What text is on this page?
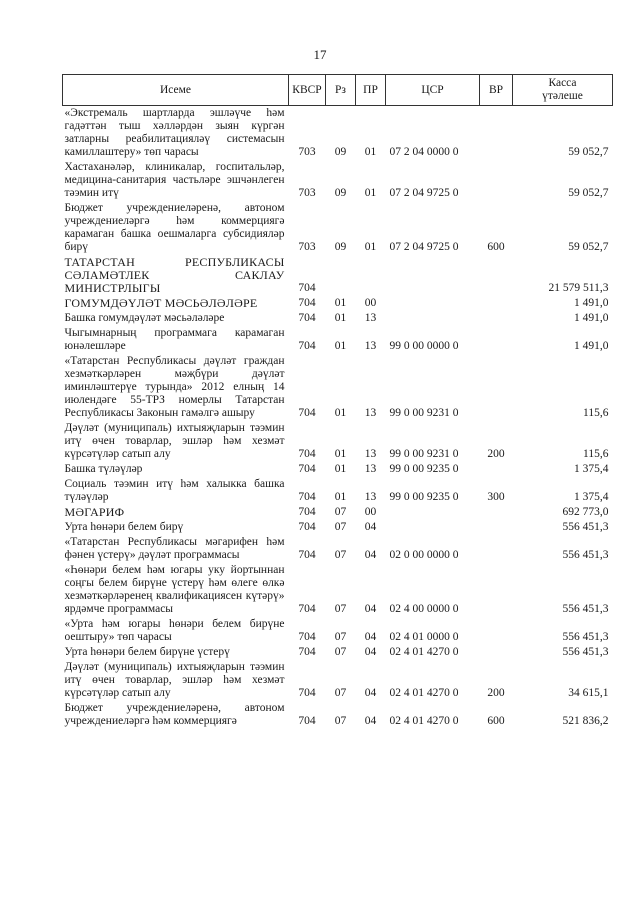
17
Исеме	КВСР	Рз	ПР	ЦСР	ВР	Касса
үтәлеше

«Экстремаль шартларда эшләүче һәм гадәттән тыш хәлләрдән зыян күргән затларны реабилитацияләү системасын камиллаштеру» төп чарасы	703	09	01	07 2 04 0000 0		59 052,7
Хастаханәләр, клиникалар, госпитальләр, медицина-санитария частьләре эшчәнлеген тәэмин итү	703	09	01	07 2 04 9725 0		59 052,7
Бюджет учреждениеләренә, автоном учреждениеләргә һәм коммерциягә карамаган башка оешмаларга субсидияләр бирү	703	09	01	07 2 04 9725 0	600	59 052,7
ТАТАРСТАН РЕСПУБЛИКАСЫ СӘЛАМӘТЛЕК САКЛАУ МИНИСТРЛЫГЫ	704					21 579 511,3
ГОМУМДӘҮЛӘТ МӘСЬӘЛӘЛӘРЕ	704	01	00			1 491,0
Башка гомумдәүләт мәсьәләләре	704	01	13			1 491,0
Чыгымнарның программага карамаган юнәлешләре	704	01	13	99 0 00 0000 0		1 491,0
«Татарстан Республикасы дәүләт граждан хезмәткәрләрен мәҗбүри дәүләт иминләштерүе турында» 2012 елның 14 июлендәге 55-ТРЗ номерлы Татарстан Республикасы Законын гамәлгә ашыру	704	01	13	99 0 00 9231 0		115,6
Дәүләт (муниципаль) ихтыяҗларын тәэмин итү өчен товарлар, эшләр һәм хезмәт күрсәтүләр сатып алу	704	01	13	99 0 00 9231 0	200	115,6
Башка түләүләр	704	01	13	99 0 00 9235 0		1 375,4
Социаль тәэмин итү һәм халыкка башка түләүләр	704	01	13	99 0 00 9235 0	300	1 375,4
МӘГАРИФ	704	07	00			692 773,0
Урта һөнәри белем бирү	704	07	04			556 451,3
«Татарстан Республикасы мәгарифен һәм фәнен үстерү» дәүләт программасы	704	07	04	02 0 00 0000 0		556 451,3
«Һөнәри белем һәм югары уку йортыннан соңгы белем бирүне үстерү һәм өлеге өлкә хезмәткәрләренең квалификациясен күтәрү» ярдәмче программасы	704	07	04	02 4 00 0000 0		556 451,3
«Урта һәм югары һөнәри белем бирүне оештыру» төп чарасы	704	07	04	02 4 01 0000 0		556 451,3
Урта һөнәри белем бирүне үстерү	704	07	04	02 4 01 4270 0		556 451,3
Дәүләт (муниципаль) ихтыяҗларын тәэмин итү өчен товарлар, эшләр һәм хезмәт күрсәтүләр сатып алу	704	07	04	02 4 01 4270 0	200	34 615,1
Бюджет учреждениеләренә, автоном учреждениеләргә һәм коммерциягә	704	07	04	02 4 01 4270 0	600	521 836,2
